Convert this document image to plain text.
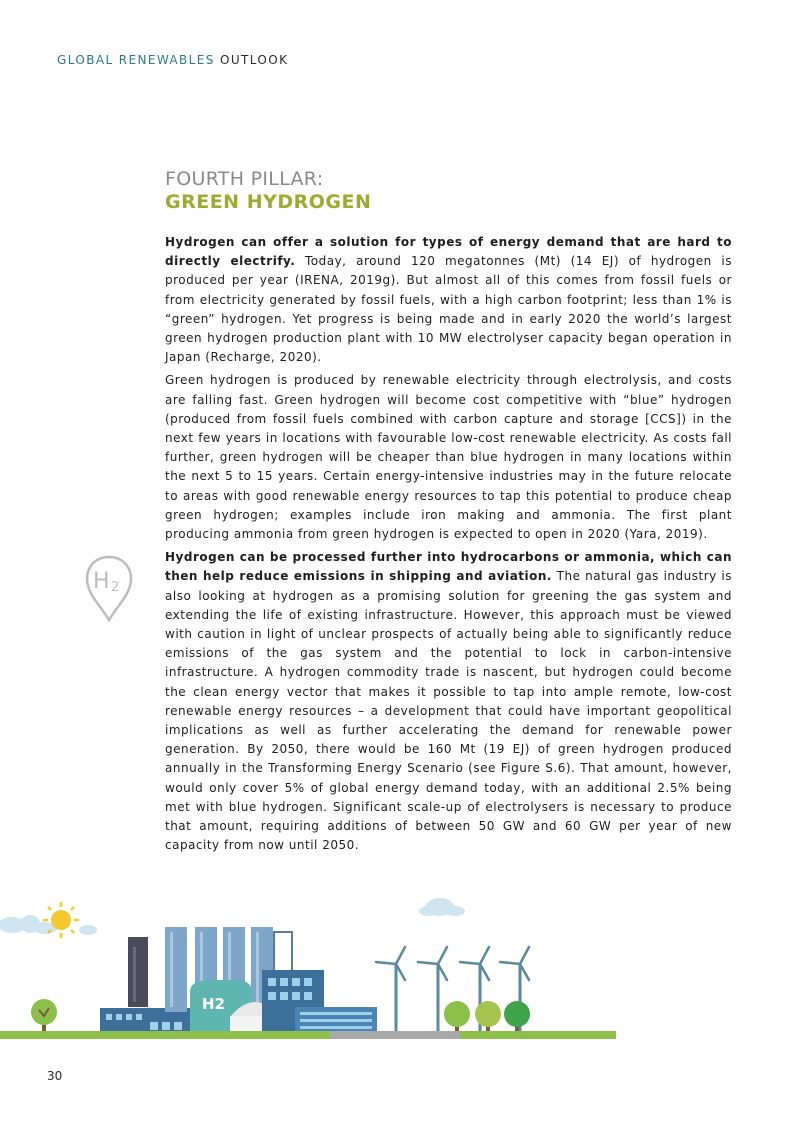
GLOBAL RENEWABLES OUTLOOK
FOURTH PILLAR:
GREEN HYDROGEN

Hydrogen can offer a solution for types of energy demand that are hard to directly electrify. Today, around 120 megatonnes (Mt) (14 EJ) of hydrogen is produced per year (IRENA, 2019g). But almost all of this comes from fossil fuels or from electricity generated by fossil fuels, with a high carbon footprint; less than 1% is “green” hydrogen. Yet progress is being made and in early 2020 the world’s largest green hydrogen production plant with 10 MW electrolyser capacity began operation in Japan (Recharge, 2020).

Green hydrogen is produced by renewable electricity through electrolysis, and costs are falling fast. Green hydrogen will become cost competitive with “blue” hydrogen (produced from fossil fuels combined with carbon capture and storage [CCS]) in the next few years in locations with favourable low-cost renewable electricity. As costs fall further, green hydrogen will be cheaper than blue hydrogen in many locations within the next 5 to 15 years. Certain energy-intensive industries may in the future relocate to areas with good renewable energy resources to tap this potential to produce cheap green hydrogen; examples include iron making and ammonia. The first plant producing ammonia from green hydrogen is expected to open in 2020 (Yara, 2019).

Hydrogen can be processed further into hydrocarbons or ammonia, which can then help reduce emissions in shipping and aviation. The natural gas industry is also looking at hydrogen as a promising solution for greening the gas system and extending the life of existing infrastructure. However, this approach must be viewed with caution in light of unclear prospects of actually being able to significantly reduce emissions of the gas system and the potential to lock in carbon-intensive infrastructure. A hydrogen commodity trade is nascent, but hydrogen could become the clean energy vector that makes it possible to tap into ample remote, low-cost renewable energy resources – a development that could have important geopolitical implications as well as further accelerating the demand for renewable power generation. By 2050, there would be 160 Mt (19 EJ) of green hydrogen produced annually in the Transforming Energy Scenario (see Figure S.6). That amount, however, would only cover 5% of global energy demand today, with an additional 2.5% being met with blue hydrogen. Significant scale-up of electrolysers is necessary to produce that amount, requiring additions of between 50 GW and 60 GW per year of new capacity from now until 2050.

H 2
H2
30
